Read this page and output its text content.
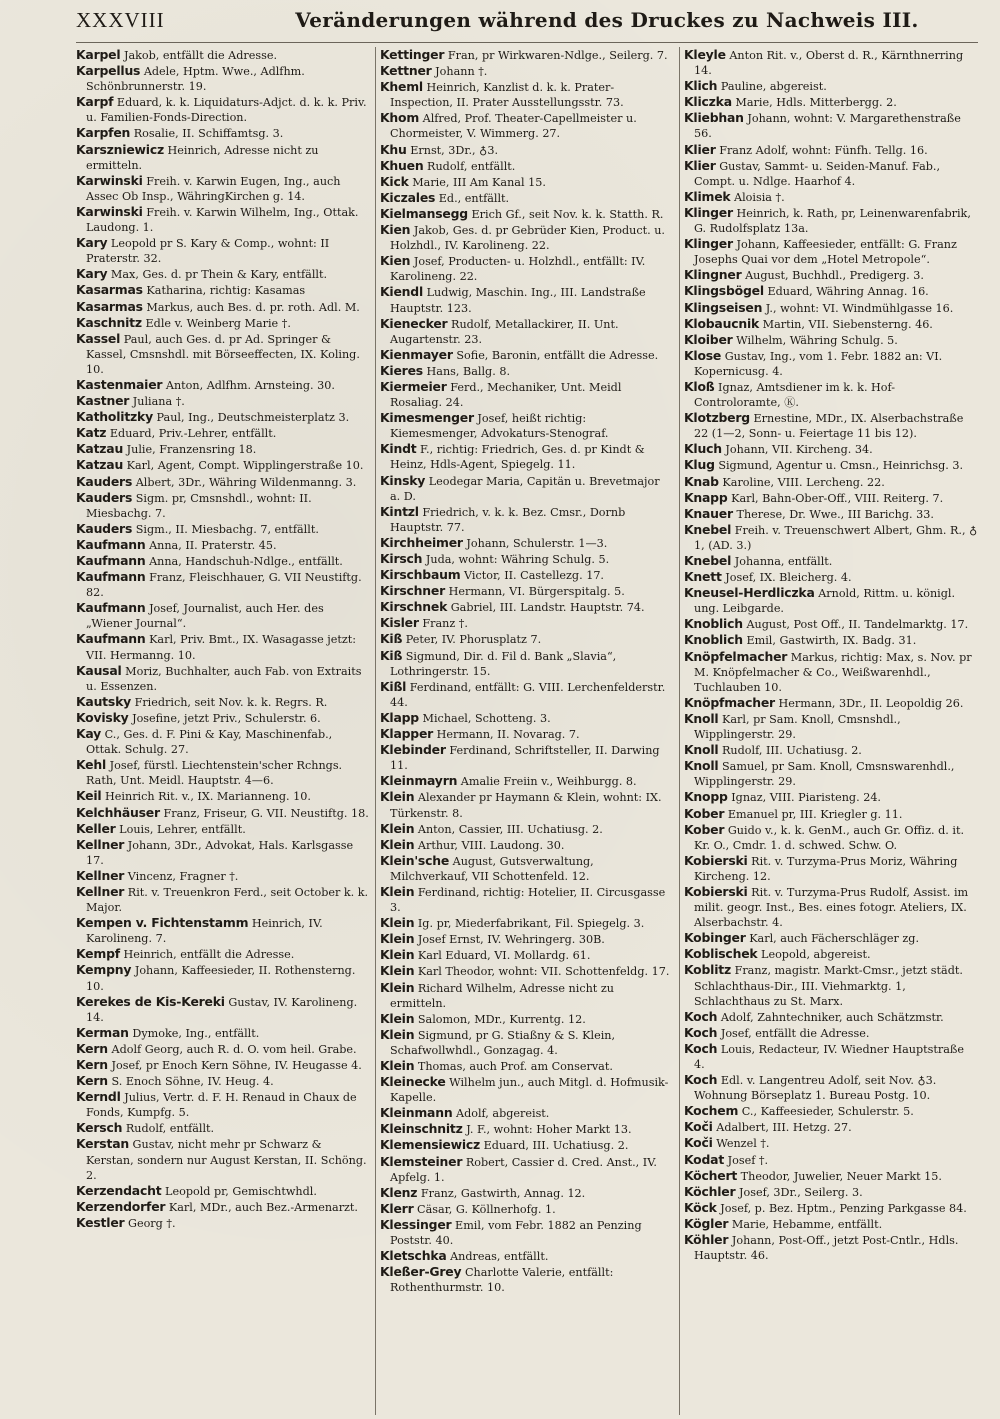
XXXVIII	Veränderungen während des Druckes zu Nachweis III.

Karpel Jakob, entfällt die Adresse.

Karpellus Adele, Hptm. Wwe., Adlfhm. Schönbrunnerstr. 19.

Karpf Eduard, k. k. Liquidaturs-Adjct. d. k. k. Priv. u. Familien-Fonds-Direction.

Karpfen Rosalie, II. Schiffamtsg. 3.

Karszniewicz Heinrich, Adresse nicht zu ermitteln.

Karwinski Freih. v. Karwin Eugen, Ing., auch Assec Ob Insp., WähringKirchen g. 14.

Karwinski Freih. v. Karwin Wilhelm, Ing., Ottak. Laudong. 1.

Kary Leopold pr S. Kary & Comp., wohnt: II Praterstr. 32.

Kary Max, Ges. d. pr Thein & Kary, entfällt.

Kasarmas Katharina, richtig: Kasamas

Kasarmas Markus, auch Bes. d. pr. roth. Adl. M.

Kaschnitz Edle v. Weinberg Marie †.

Kassel Paul, auch Ges. d. pr Ad. Springer & Kassel, Cmsnshdl. mit Börseeffecten, IX. Koling. 10.

Kastenmaier Anton, Adlfhm. Arnsteing. 30.

Kastner Juliana †.

Katholitzky Paul, Ing., Deutschmeisterplatz 3.

Katz Eduard, Priv.-Lehrer, entfällt.

Katzau Julie, Franzensring 18.

Katzau Karl, Agent, Compt. Wipplingerstraße 10.

Kauders Albert, 3Dr., Währing Wildenmanng. 3.

Kauders Sigm. pr, Cmsnshdl., wohnt: II. Miesbachg. 7.

Kauders Sigm., II. Miesbachg. 7, entfällt.

Kaufmann Anna, II. Praterstr. 45.

Kaufmann Anna, Handschuh-Ndlge., entfällt.

Kaufmann Franz, Fleischhauer, G. VII Neustiftg. 82.

Kaufmann Josef, Journalist, auch Her. des „Wiener Journal“.

Kaufmann Karl, Priv. Bmt., IX. Wasagasse jetzt: VII. Hermanng. 10.

Kausal Moriz, Buchhalter, auch Fab. von Extraits u. Essenzen.

Kautsky Friedrich, seit Nov. k. k. Regrs. R.

Kovisky Josefine, jetzt Priv., Schulerstr. 6.

Kay C., Ges. d. F. Pini & Kay, Maschinenfab., Ottak. Schulg. 27.

Kehl Josef, fürstl. Liechtenstein'scher Rchngs. Rath, Unt. Meidl. Hauptstr. 4—6.

Keil Heinrich Rit. v., IX. Marianneng. 10.

Kelchhäuser Franz, Friseur, G. VII. Neustiftg. 18.

Keller Louis, Lehrer, entfällt.

Kellner Johann, 3Dr., Advokat, Hals. Karlsgasse 17.

Kellner Vincenz, Fragner †.

Kellner Rit. v. Treuenkron Ferd., seit October k. k. Major.

Kempen v. Fichtenstamm Heinrich, IV. Karolineng. 7.

Kempf Heinrich, entfällt die Adresse.

Kempny Johann, Kaffeesieder, II. Rothensterng. 10.

Kerekes de Kis-Kereki Gustav, IV. Karolineng. 14.

Kerman Dymoke, Ing., entfällt.

Kern Adolf Georg, auch R. d. O. vom heil. Grabe.

Kern Josef, pr Enoch Kern Söhne, IV. Heugasse 4.

Kern S. Enoch Söhne, IV. Heug. 4.

Kerndl Julius, Vertr. d. F. H. Renaud in Chaux de Fonds, Kumpfg. 5.

Kersch Rudolf, entfällt.

Kerstan Gustav, nicht mehr pr Schwarz & Kerstan, sondern nur August Kerstan, II. Schöng. 2.

Kerzendacht Leopold pr, Gemischtwhdl.

Kerzendorfer Karl, MDr., auch Bez.-Armenarzt.

Kestler Georg †.

Kettinger Fran, pr Wirkwaren-Ndlge., Seilerg. 7.

Kettner Johann †.

Kheml Heinrich, Kanzlist d. k. k. Prater-Inspection, II. Prater Ausstellungsstr. 73.

Khom Alfred, Prof. Theater-Capellmeister u. Chormeister, V. Wimmerg. 27.

Khu Ernst, 3Dr., ♁3.

Khuen Rudolf, entfällt.

Kick Marie, III Am Kanal 15.

Kiczales Ed., entfällt.

Kielmansegg Erich Gf., seit Nov. k. k. Statth. R.

Kien Jakob, Ges. d. pr Gebrüder Kien, Product. u. Holzhdl., IV. Karolineng. 22.

Kien Josef, Producten- u. Holzhdl., entfällt: IV. Karolineng. 22.

Kiendl Ludwig, Maschin. Ing., III. Landstraße Hauptstr. 123.

Kienecker Rudolf, Metallackirer, II. Unt. Augartenstr. 23.

Kienmayer Sofie, Baronin, entfällt die Adresse.

Kieres Hans, Ballg. 8.

Kiermeier Ferd., Mechaniker, Unt. Meidl Rosaliag. 24.

Kimesmenger Josef, heißt richtig: Kiemesmenger, Advokaturs-Stenograf.

Kindt F., richtig: Friedrich, Ges. d. pr Kindt & Heinz, Hdls-Agent, Spiegelg. 11.

Kinsky Leodegar Maria, Capitän u. Brevetmajor a. D.

Kintzl Friedrich, v. k. k. Bez. Cmsr., Dornb Hauptstr. 77.

Kirchheimer Johann, Schulerstr. 1—3.

Kirsch Juda, wohnt: Währing Schulg. 5.

Kirschbaum Victor, II. Castellezg. 17.

Kirschner Hermann, VI. Bürgerspitalg. 5.

Kirschnek Gabriel, III. Landstr. Hauptstr. 74.

Kisler Franz †.

Kiß Peter, IV. Phorusplatz 7.

Kiß Sigmund, Dir. d. Fil d. Bank „Slavia“, Lothringerstr. 15.

Kißl Ferdinand, entfällt: G. VIII. Lerchenfelderstr. 44.

Klapp Michael, Schotteng. 3.

Klapper Hermann, II. Novarag. 7.

Klebinder Ferdinand, Schriftsteller, II. Darwing 11.

Kleinmayrn Amalie Freiin v., Weihburgg. 8.

Klein Alexander pr Haymann & Klein, wohnt: IX. Türkenstr. 8.

Klein Anton, Cassier, III. Uchatiusg. 2.

Klein Arthur, VIII. Laudong. 30.

Klein'sche August, Gutsverwaltung, Milchverkauf, VII Schottenfeld. 12.

Klein Ferdinand, richtig: Hotelier, II. Circusgasse 3.

Klein Ig. pr, Miederfabrikant, Fil. Spiegelg. 3.

Klein Josef Ernst, IV. Wehringerg. 30B.

Klein Karl Eduard, VI. Mollardg. 61.

Klein Karl Theodor, wohnt: VII. Schottenfeldg. 17.

Klein Richard Wilhelm, Adresse nicht zu ermitteln.

Klein Salomon, MDr., Kurrentg. 12.

Klein Sigmund, pr G. Stiaßny & S. Klein, Schafwollwhdl., Gonzagag. 4.

Klein Thomas, auch Prof. am Conservat.

Kleinecke Wilhelm jun., auch Mitgl. d. Hofmusik-Kapelle.

Kleinmann Adolf, abgereist.

Kleinschnitz J. F., wohnt: Hoher Markt 13.

Klemensiewicz Eduard, III. Uchatiusg. 2.

Klemsteiner Robert, Cassier d. Cred. Anst., IV. Apfelg. 1.

Klenz Franz, Gastwirth, Annag. 12.

Klerr Cäsar, G. Köllnerhofg. 1.

Klessinger Emil, vom Febr. 1882 an Penzing Poststr. 40.

Kletschka Andreas, entfällt.

Kleßer-Grey Charlotte Valerie, entfällt: Rothenthurmstr. 10.

Kleyle Anton Rit. v., Oberst d. R., Kärnthnerring 14.

Klich Pauline, abgereist.

Kliczka Marie, Hdls. Mitterbergg. 2.

Kliebhan Johann, wohnt: V. Margarethenstraße 56.

Klier Franz Adolf, wohnt: Fünfh. Tellg. 16.

Klier Gustav, Sammt- u. Seiden-Manuf. Fab., Compt. u. Ndlge. Haarhof 4.

Klimek Aloisia †.

Klinger Heinrich, k. Rath, pr, Leinenwarenfabrik, G. Rudolfsplatz 13a.

Klinger Johann, Kaffeesieder, entfällt: G. Franz Josephs Quai vor dem „Hotel Metropole“.

Klingner August, Buchhdl., Predigerg. 3.

Klingsbögel Eduard, Währing Annag. 16.

Klingseisen J., wohnt: VI. Windmühlgasse 16.

Klobaucnik Martin, VII. Siebensterng. 46.

Kloiber Wilhelm, Währing Schulg. 5.

Klose Gustav, Ing., vom 1. Febr. 1882 an: VI. Kopernicusg. 4.

Kloß Ignaz, Amtsdiener im k. k. Hof-Controloramte, Ⓚ.

Klotzberg Ernestine, MDr., IX. Alserbachstraße 22 (1—2, Sonn- u. Feiertage 11 bis 12).

Kluch Johann, VII. Kircheng. 34.

Klug Sigmund, Agentur u. Cmsn., Heinrichsg. 3.

Knab Karoline, VIII. Lercheng. 22.

Knapp Karl, Bahn-Ober-Off., VIII. Reiterg. 7.

Knauer Therese, Dr. Wwe., III Barichg. 33.

Knebel Freih. v. Treuenschwert Albert, Ghm. R., ♁ 1, (AD. 3.)

Knebel Johanna, entfällt.

Knett Josef, IX. Bleicherg. 4.

Kneusel-Herdliczka Arnold, Rittm. u. königl. ung. Leibgarde.

Knoblich August, Post Off., II. Tandelmarktg. 17.

Knoblich Emil, Gastwirth, IX. Badg. 31.

Knöpfelmacher Markus, richtig: Max, s. Nov. pr M. Knöpfelmacher & Co., Weißwarenhdl., Tuchlauben 10.

Knöpfmacher Hermann, 3Dr., II. Leopoldig 26.

Knoll Karl, pr Sam. Knoll, Cmsnshdl., Wipplingerstr. 29.

Knoll Rudolf, III. Uchatiusg. 2.

Knoll Samuel, pr Sam. Knoll, Cmsnswarenhdl., Wipplingerstr. 29.

Knopp Ignaz, VIII. Piaristeng. 24.

Kober Emanuel pr, III. Kriegler g. 11.

Kober Guido v., k. k. GenM., auch Gr. Offiz. d. it. Kr. O., Cmdr. 1. d. schwed. Schw. O.

Kobierski Rit. v. Turzyma-Prus Moriz, Währing Kircheng. 12.

Kobierski Rit. v. Turzyma-Prus Rudolf, Assist. im milit. geogr. Inst., Bes. eines fotogr. Ateliers, IX. Alserbachstr. 4.

Kobinger Karl, auch Fächerschläger zg.

Koblischek Leopold, abgereist.

Koblitz Franz, magistr. Markt-Cmsr., jetzt städt. Schlachthaus-Dir., III. Viehmarktg. 1, Schlachthaus zu St. Marx.

Koch Adolf, Zahntechniker, auch Schätzmstr.

Koch Josef, entfällt die Adresse.

Koch Louis, Redacteur, IV. Wiedner Hauptstraße 4.

Koch Edl. v. Langentreu Adolf, seit Nov. ♁3. Wohnung Börseplatz 1. Bureau Postg. 10.

Kochem C., Kaffeesieder, Schulerstr. 5.

Koči Adalbert, III. Hetzg. 27.

Koči Wenzel †.

Kodat Josef †.

Köchert Theodor, Juwelier, Neuer Markt 15.

Köchler Josef, 3Dr., Seilerg. 3.

Köck Josef, p. Bez. Hptm., Penzing Parkgasse 84.

Kögler Marie, Hebamme, entfällt.

Köhler Johann, Post-Off., jetzt Post-Cntlr., Hdls. Hauptstr. 46.
